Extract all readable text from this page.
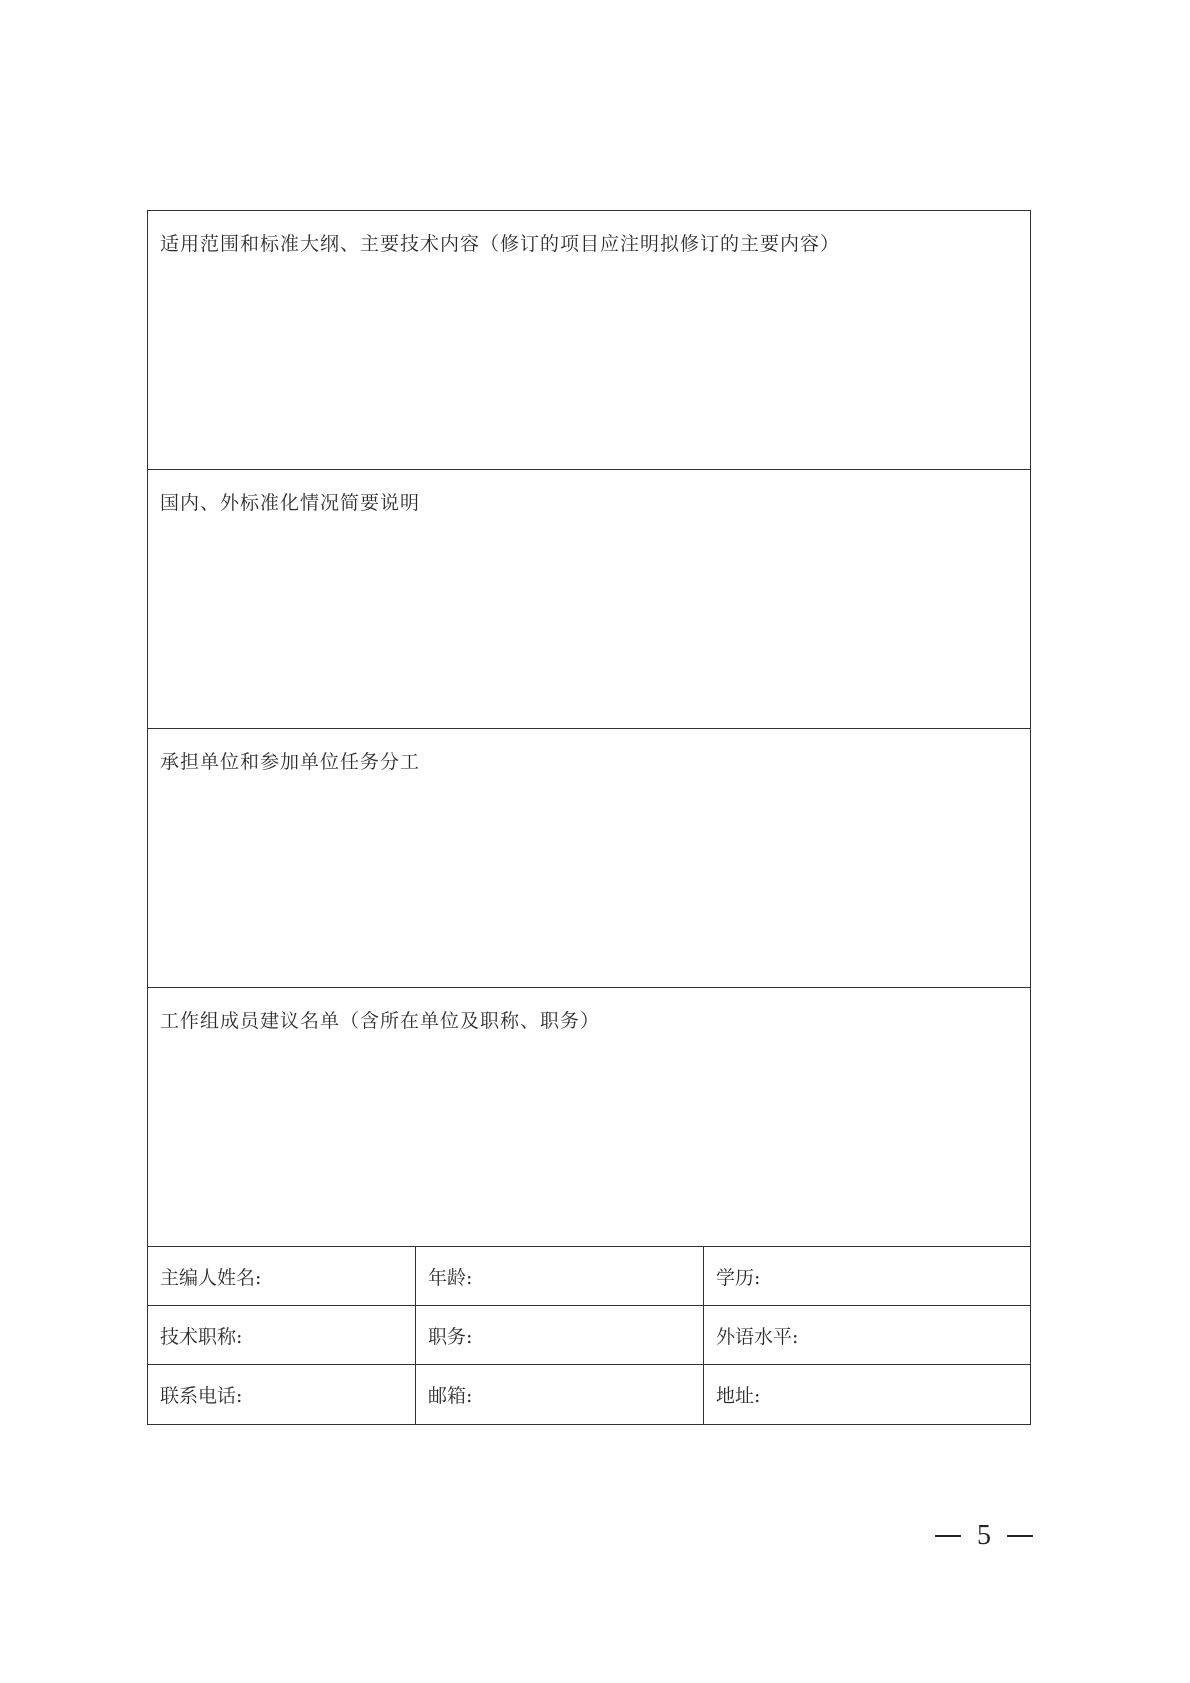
适用范围和标准大纲、主要技术内容（修订的项目应注明拟修订的主要内容）
国内、外标准化情况简要说明
承担单位和参加单位任务分工
工作组成员建议名单（含所在单位及职称、职务）
主编人姓名:	年龄:	学历:
技术职称:	职务:	外语水平:
联系电话:	邮箱:	地址:
5
